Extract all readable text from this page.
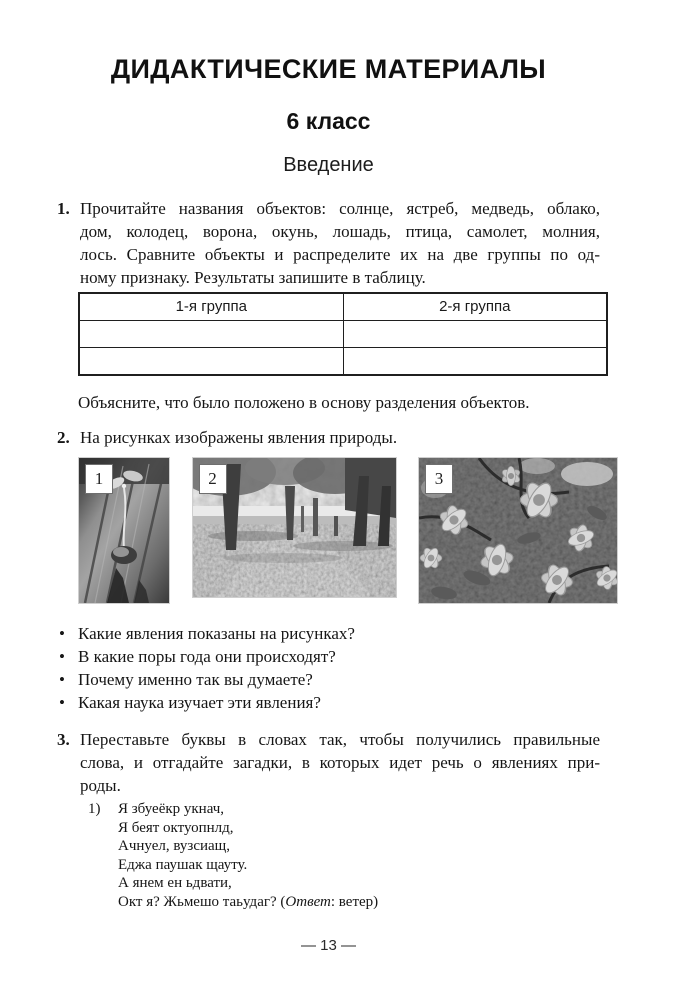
ДИДАКТИЧЕСКИЕ МАТЕРИАЛЫ
6 класс
Введение
1. Прочитайте названия объектов: солнце, ястреб, медведь, облако,
дом, колодец, ворона, окунь, лошадь, птица, самолет, молния,
лось. Сравните объекты и распределите их на две группы по од-
ному признаку. Результаты запишите в таблицу.
1-я группа	2-я группа

Объясните, что было положено в основу разделения объектов.
2. На рисунках изображены явления природы.
1	2	3
• Какие явления показаны на рисунках?
• В какие поры года они происходят?
• Почему именно так вы думаете?
• Какая наука изучает эти явления?
3. Переставьте буквы в словах так, чтобы получились правильные
слова, и отгадайте загадки, в которых идет речь о явлениях при-
роды.
1)	Я збуеёкр укнач,
Я беят октуопнлд,
Ачнуел, вузсиащ,
Еджа паушак щауту.
А янем ен ьдвати,
Окт я? Жьмешо таьудаг? (Ответ: ветер)
— 13 —
